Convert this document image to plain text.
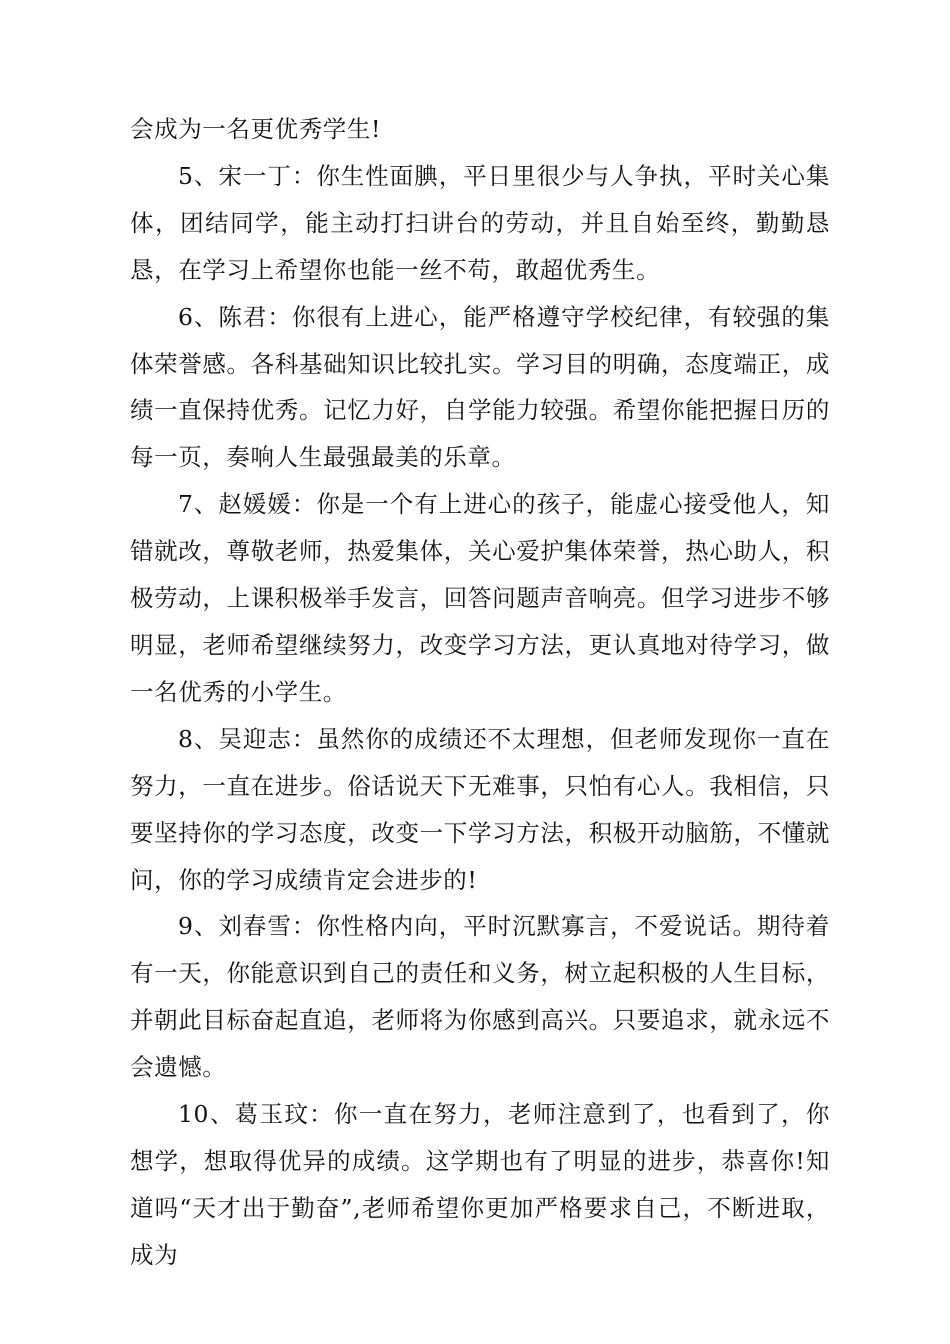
会成为一名更优秀学生!

5、宋一丁：你生性面腆，平日里很少与人争执，平时关心集体，团结同学，能主动打扫讲台的劳动，并且自始至终，勤勤恳恳，在学习上希望你也能一丝不苟，敢超优秀生。

6、陈君：你很有上进心，能严格遵守学校纪律，有较强的集体荣誉感。各科基础知识比较扎实。学习目的明确，态度端正，成绩一直保持优秀。记忆力好，自学能力较强。希望你能把握日历的每一页，奏响人生最强最美的乐章。

7、赵媛媛：你是一个有上进心的孩子，能虚心接受他人，知错就改，尊敬老师，热爱集体，关心爱护集体荣誉，热心助人，积极劳动，上课积极举手发言，回答问题声音响亮。但学习进步不够明显，老师希望继续努力，改变学习方法，更认真地对待学习，做一名优秀的小学生。

8、吴迎志：虽然你的成绩还不太理想，但老师发现你一直在努力，一直在进步。俗话说天下无难事，只怕有心人。我相信，只要坚持你的学习态度，改变一下学习方法，积极开动脑筋，不懂就问，你的学习成绩肯定会进步的!

9、刘春雪：你性格内向，平时沉默寡言，不爱说话。期待着有一天，你能意识到自己的责任和义务，树立起积极的人生目标，并朝此目标奋起直追，老师将为你感到高兴。只要追求，就永远不会遗憾。

10、葛玉玟：你一直在努力，老师注意到了，也看到了，你想学，想取得优异的成绩。这学期也有了明显的进步，恭喜你!知道吗“天才出于勤奋”,老师希望你更加严格要求自己，不断进取，成为
